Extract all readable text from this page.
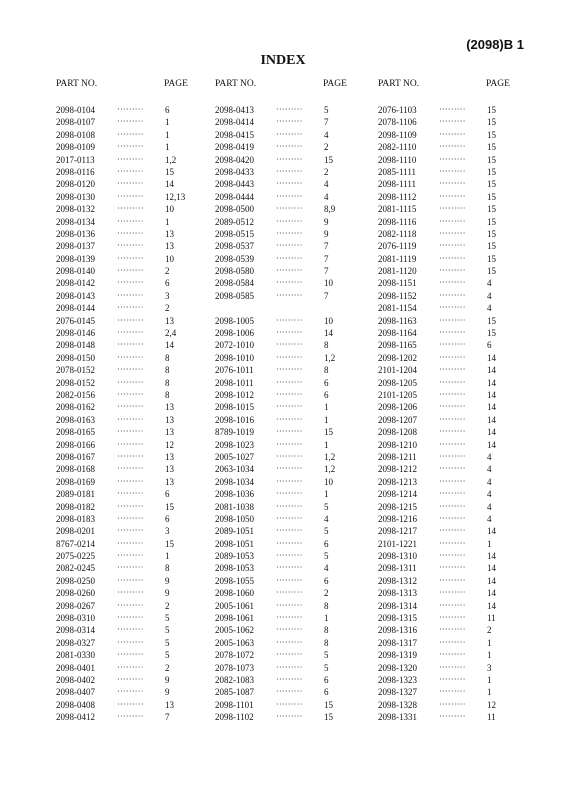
(2098)B 1
INDEX
PART NO.	PAGE
2098-0104	········· 6
2098-0107	········· 1
2098-0108	········· 1
2098-0109	········· 1
2017-0113	········· 1,2
2098-0116	········· 15
2098-0120	········· 14
2098-0130	········· 12,13
2098-0132	········· 10
2098-0134	········· 1
2098-0136	········· 13
2098-0137	········· 13
2098-0139	········· 10
2098-0140	········· 2
2098-0142	········· 6
2098-0143	········· 3
2098-0144	········· 2
2076-0145	········· 13
2098-0146	········· 2,4
2098-0148	········· 14
2098-0150	········· 8
2078-0152	········· 8
2098-0152	········· 8
2082-0156	········· 8
2098-0162	········· 13
2098-0163	········· 13
2098-0165	········· 13
2098-0166	········· 12
2098-0167	········· 13
2098-0168	········· 13
2098-0169	········· 13
2089-0181	········· 6
2098-0182	········· 15
2098-0183	········· 6
2098-0201	········· 3
8767-0214	········· 15
2075-0225	········· 1
2082-0245	········· 8
2098-0250	········· 9
2098-0260	········· 9
2098-0267	········· 2
2098-0310	········· 5
2098-0314	········· 5
2098-0327	········· 5
2081-0330	········· 5
2098-0401	········· 2
2098-0402	········· 9
2098-0407	········· 9
2098-0408	········· 13
2098-0412	········· 7
PART NO.	PAGE
2098-0413	········· 5
2098-0414	········· 7
2098-0415	········· 4
2098-0419	········· 2
2098-0420	········· 15
2098-0433	········· 2
2098-0443	········· 4
2098-0444	········· 4
2098-0500	········· 8,9
2089-0512	········· 9
2098-0515	········· 9
2098-0537	········· 7
2098-0539	········· 7
2098-0580	········· 7
2098-0584	········· 10
2098-0585	········· 7
2098-1005	········· 10
2098-1006	········· 14
2072-1010	········· 8
2098-1010	········· 1,2
2076-1011	········· 8
2098-1011	········· 6
2098-1012	········· 6
2098-1015	········· 1
2098-1016	········· 1
8789-1019	········· 15
2098-1023	········· 1
2005-1027	········· 1,2
2063-1034	········· 1,2
2098-1034	········· 10
2098-1036	········· 1
2081-1038	········· 5
2098-1050	········· 4
2089-1051	········· 5
2098-1051	········· 6
2089-1053	········· 5
2098-1053	········· 4
2098-1055	········· 6
2098-1060	········· 2
2005-1061	········· 8
2098-1061	········· 1
2005-1062	········· 8
2005-1063	········· 8
2078-1072	········· 5
2078-1073	········· 5
2082-1083	········· 6
2085-1087	········· 6
2098-1101	········· 15
2098-1102	········· 15
PART NO.	PAGE
2076-1103	········· 15
2078-1106	········· 15
2098-1109	········· 15
2082-1110	········· 15
2098-1110	········· 15
2085-1111	········· 15
2098-1111	········· 15
2098-1112	········· 15
2081-1115	········· 15
2098-1116	········· 15
2082-1118	········· 15
2076-1119	········· 15
2081-1119	········· 15
2081-1120	········· 15
2098-1151	········· 4
2098-1152	········· 4
2081-1154	········· 4
2098-1163	········· 15
2098-1164	········· 15
2098-1165	········· 6
2098-1202	········· 14
2101-1204	········· 14
2098-1205	········· 14
2101-1205	········· 14
2098-1206	········· 14
2098-1207	········· 14
2098-1208	········· 14
2098-1210	········· 14
2098-1211	········· 4
2098-1212	········· 4
2098-1213	········· 4
2098-1214	········· 4
2098-1215	········· 4
2098-1216	········· 4
2098-1217	········· 14
2101-1221	········· 1
2098-1310	········· 14
2098-1311	········· 14
2098-1312	········· 14
2098-1313	········· 14
2098-1314	········· 14
2098-1315	········· 11
2098-1316	········· 2
2098-1317	········· 1
2098-1319	········· 1
2098-1320	········· 3
2098-1323	········· 1
2098-1327	········· 1
2098-1328	········· 12
2098-1331	········· 11
